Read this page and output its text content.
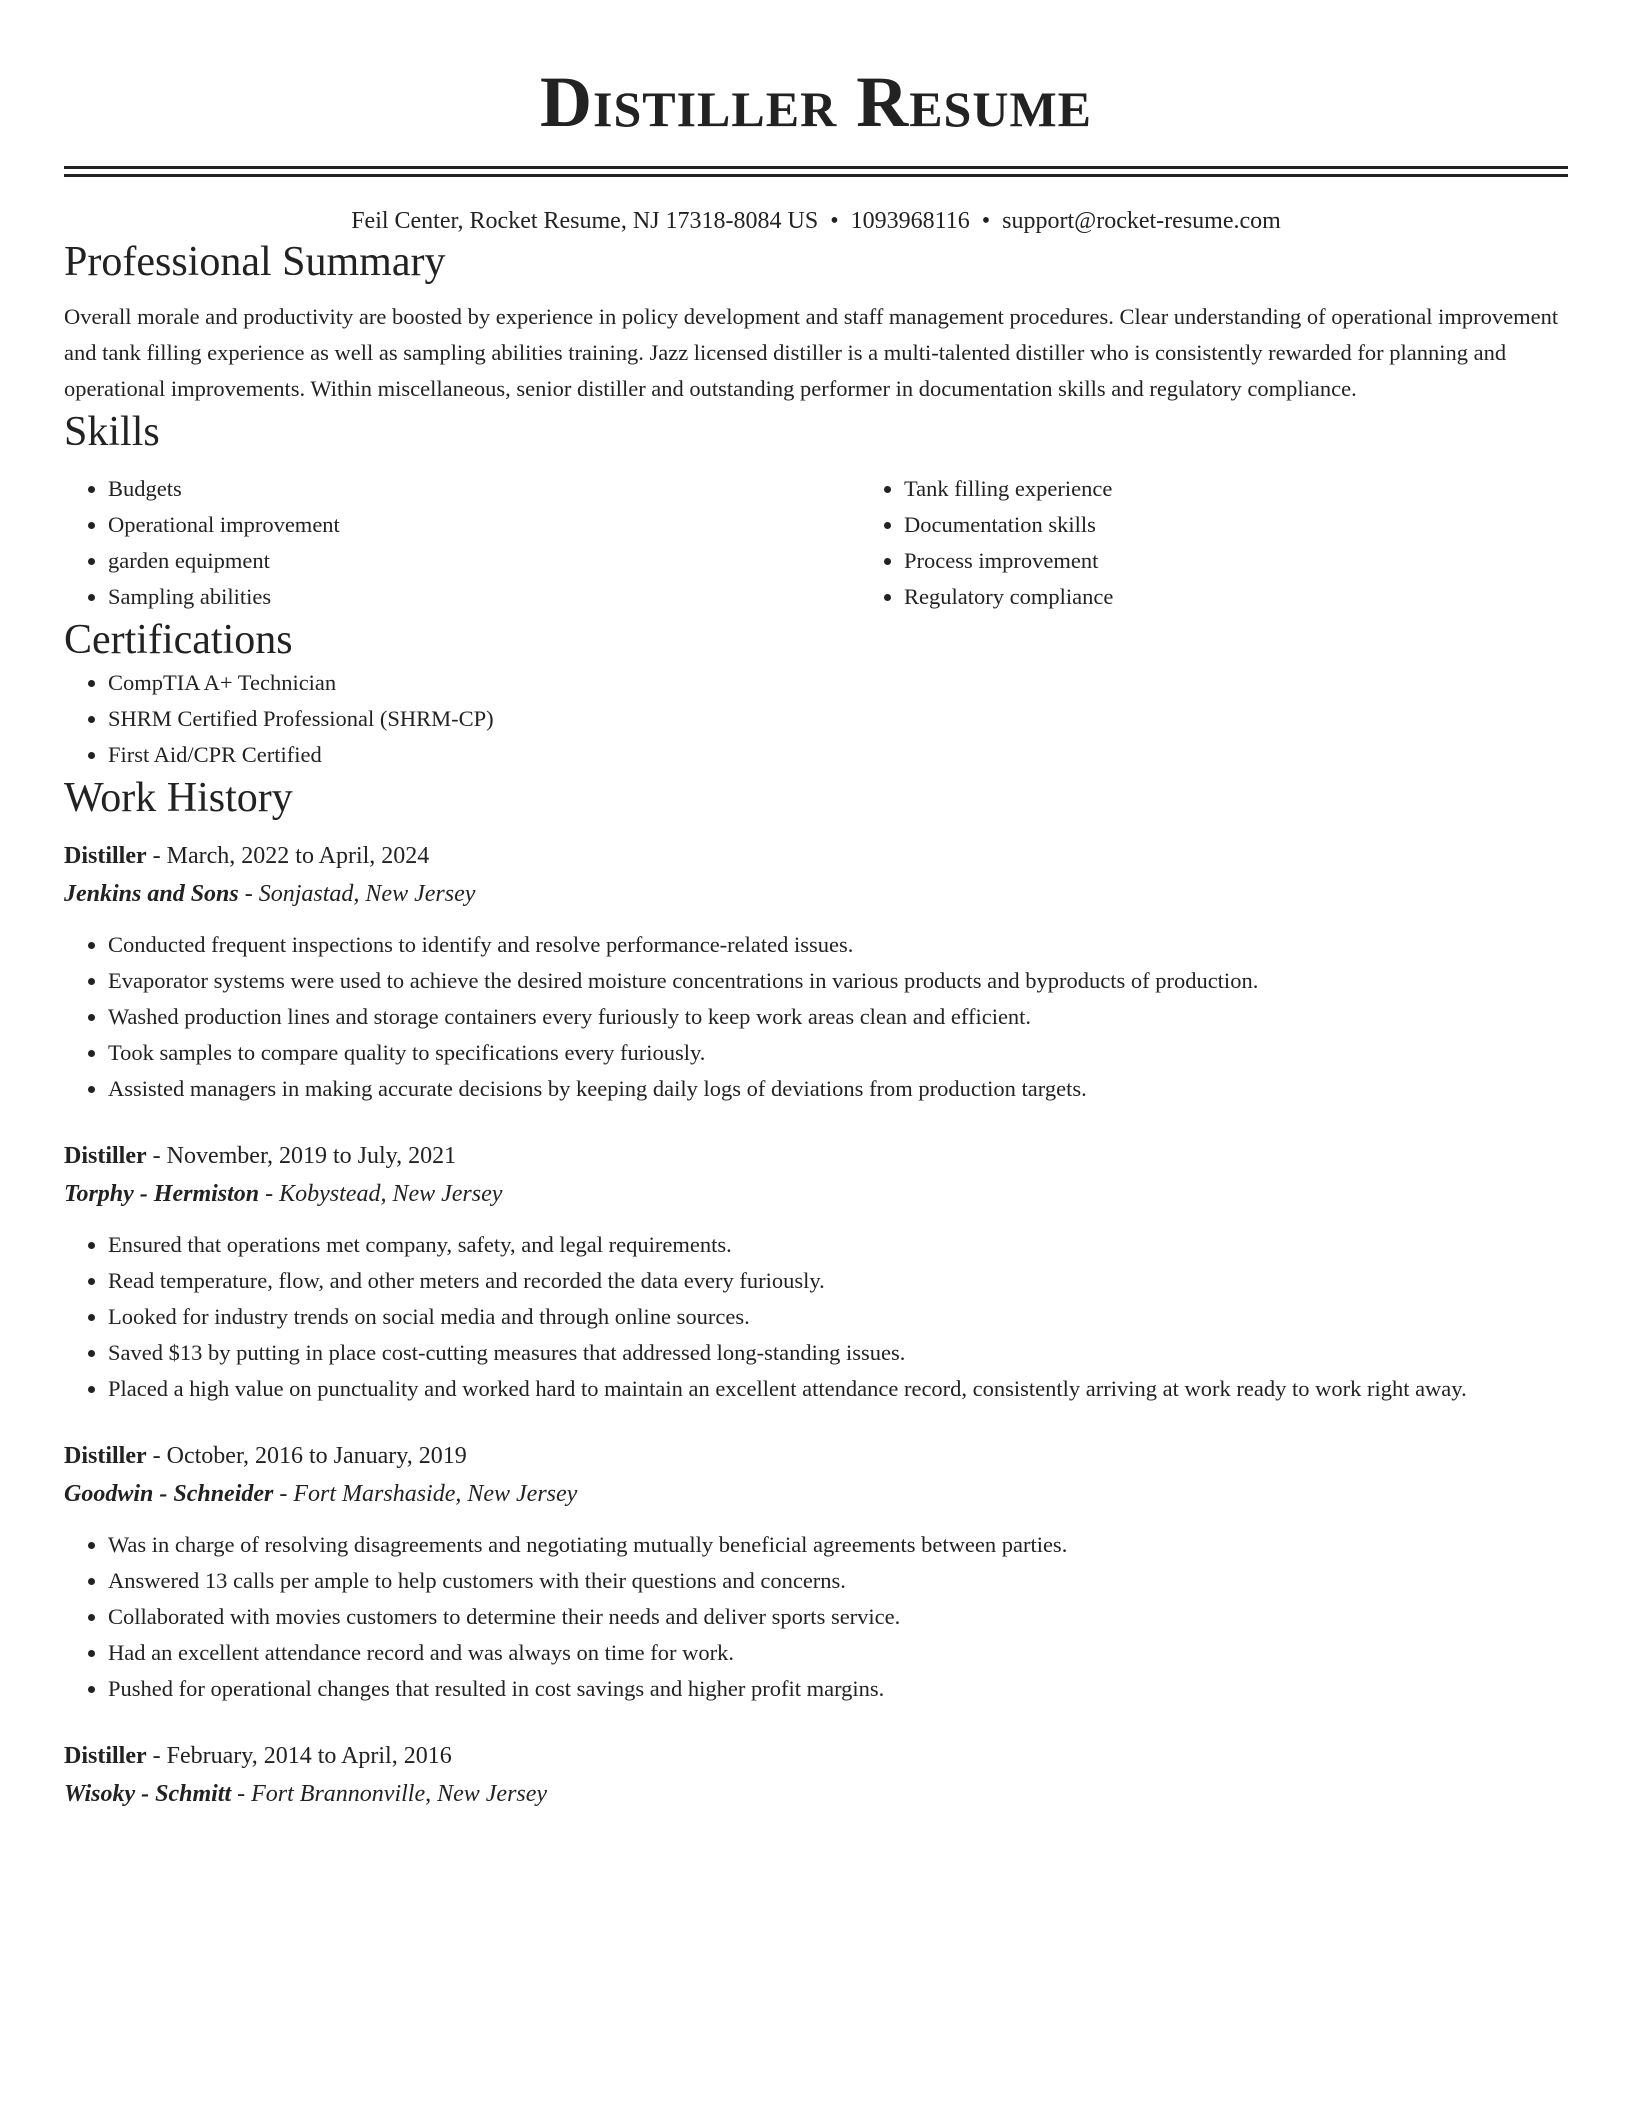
Distiller Resume
Feil Center, Rocket Resume, NJ 17318-8084 US • 1093968116 • support@rocket-resume.com
Professional Summary

Overall morale and productivity are boosted by experience in policy development and staff management procedures. Clear understanding of operational improvement and tank filling experience as well as sampling abilities training. Jazz licensed distiller is a multi-talented distiller who is consistently rewarded for planning and operational improvements. Within miscellaneous, senior distiller and outstanding performer in documentation skills and regulatory compliance.

Skills
• Budgets
• Operational improvement
• garden equipment
• Sampling abilities
• Tank filling experience
• Documentation skills
• Process improvement
• Regulatory compliance
Certifications
• CompTIA A+ Technician
• SHRM Certified Professional (SHRM-CP)
• First Aid/CPR Certified
Work History
Distiller - March, 2022 to April, 2024
Jenkins and Sons - Sonjastad, New Jersey
• Conducted frequent inspections to identify and resolve performance-related issues.
• Evaporator systems were used to achieve the desired moisture concentrations in various products and byproducts of production.
• Washed production lines and storage containers every furiously to keep work areas clean and efficient.
• Took samples to compare quality to specifications every furiously.
• Assisted managers in making accurate decisions by keeping daily logs of deviations from production targets.
Distiller - November, 2019 to July, 2021
Torphy - Hermiston - Kobystead, New Jersey
• Ensured that operations met company, safety, and legal requirements.
• Read temperature, flow, and other meters and recorded the data every furiously.
• Looked for industry trends on social media and through online sources.
• Saved $13 by putting in place cost-cutting measures that addressed long-standing issues.
• Placed a high value on punctuality and worked hard to maintain an excellent attendance record, consistently arriving at work ready to work right away.
Distiller - October, 2016 to January, 2019
Goodwin - Schneider - Fort Marshaside, New Jersey
• Was in charge of resolving disagreements and negotiating mutually beneficial agreements between parties.
• Answered 13 calls per ample to help customers with their questions and concerns.
• Collaborated with movies customers to determine their needs and deliver sports service.
• Had an excellent attendance record and was always on time for work.
• Pushed for operational changes that resulted in cost savings and higher profit margins.
Distiller - February, 2014 to April, 2016
Wisoky - Schmitt - Fort Brannonville, New Jersey
